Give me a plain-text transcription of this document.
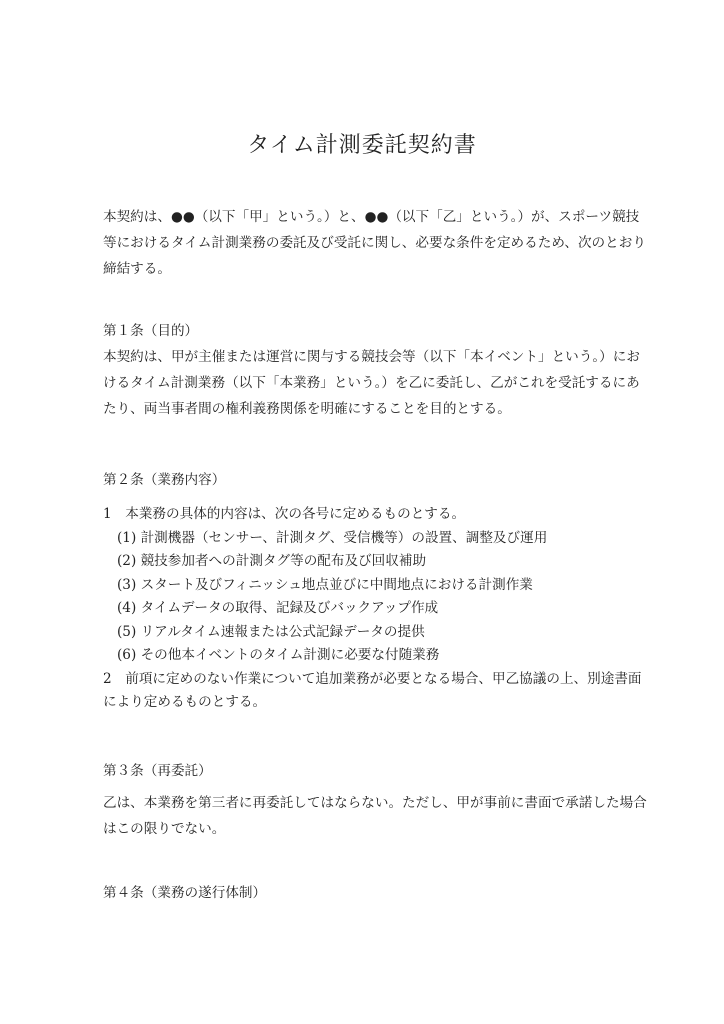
タイム計測委託契約書
本契約は、●●（以下「甲」という。）と、●●（以下「乙」という。）が、スポーツ競技
等におけるタイム計測業務の委託及び受託に関し、必要な条件を定めるため、次のとおり
締結する。
第１条（目的）
本契約は、甲が主催または運営に関与する競技会等（以下「本イベント」という。）にお
けるタイム計測業務（以下「本業務」という。）を乙に委託し、乙がこれを受託するにあ
たり、両当事者間の権利義務関係を明確にすることを目的とする。
第２条（業務内容）
1　本業務の具体的内容は、次の各号に定めるものとする。
(1) 計測機器（センサー、計測タグ、受信機等）の設置、調整及び運用
(2) 競技参加者への計測タグ等の配布及び回収補助
(3) スタート及びフィニッシュ地点並びに中間地点における計測作業
(4) タイムデータの取得、記録及びバックアップ作成
(5) リアルタイム速報または公式記録データの提供
(6) その他本イベントのタイム計測に必要な付随業務
2　前項に定めのない作業について追加業務が必要となる場合、甲乙協議の上、別途書面
により定めるものとする。
第３条（再委託）
乙は、本業務を第三者に再委託してはならない。ただし、甲が事前に書面で承諾した場合
はこの限りでない。
第４条（業務の遂行体制）
